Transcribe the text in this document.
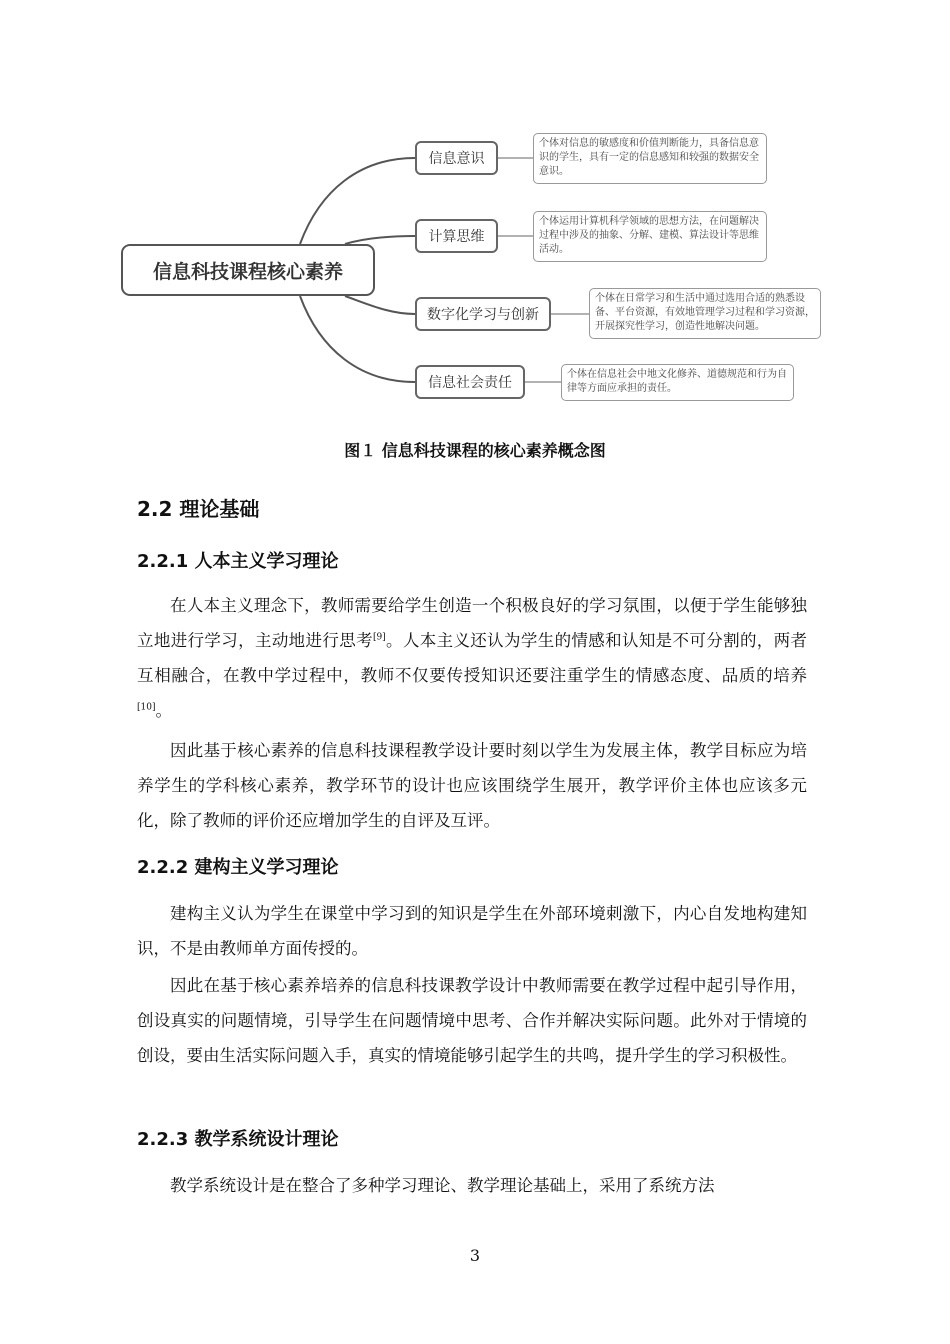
信息科技课程核心素养
信息意识
计算思维
数字化学习与创新
信息社会责任
个体对信息的敏感度和价值判断能力，具备信息意识的学生，具有一定的信息感知和较强的数据安全意识。
个体运用计算机科学领域的思想方法，在问题解决过程中涉及的抽象、分解、建模、算法设计等思维活动。
个体在日常学习和生活中通过选用合适的熟悉设备、平台资源，有效地管理学习过程和学习资源，开展探究性学习，创造性地解决问题。
个体在信息社会中地文化修养、道德规范和行为自律等方面应承担的责任。
图１ 信息科技课程的核心素养概念图
2.2 理论基础
2.2.1 人本主义学习理论

在人本主义理念下，教师需要给学生创造一个积极良好的学习氛围，以便于学生能够独立地进行学习，主动地进行思考[9]。人本主义还认为学生的情感和认知是不可分割的，两者互相融合，在教中学过程中，教师不仅要传授知识还要注重学生的情感态度、品质的培养[10]。

因此基于核心素养的信息科技课程教学设计要时刻以学生为发展主体，教学目标应为培养学生的学科核心素养，教学环节的设计也应该围绕学生展开，教学评价主体也应该多元化，除了教师的评价还应增加学生的自评及互评。

2.2.2 建构主义学习理论

建构主义认为学生在课堂中学习到的知识是学生在外部环境刺激下，内心自发地构建知识，不是由教师单方面传授的。

因此在基于核心素养培养的信息科技课教学设计中教师需要在教学过程中起引导作用，创设真实的问题情境，引导学生在问题情境中思考、合作并解决实际问题。此外对于情境的创设，要由生活实际问题入手，真实的情境能够引起学生的共鸣，提升学生的学习积极性。

2.2.3 教学系统设计理论

教学系统设计是在整合了多种学习理论、教学理论基础上，采用了系统方法

3
